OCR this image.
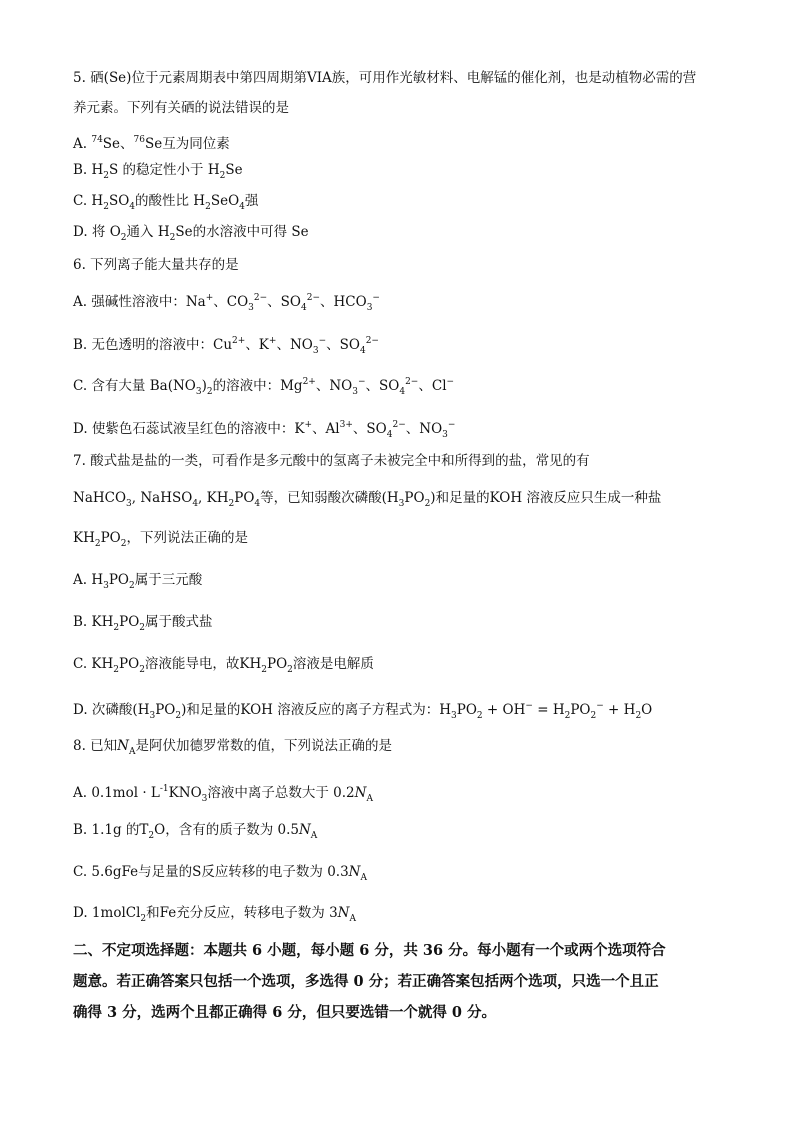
5. 硒(Se)位于元素周期表中第四周期第VIA族，可用作光敏材料、电解锰的催化剂，也是动植物必需的营
养元素。下列有关硒的说法错误的是
A. $^{74}$Se、$^{76}$Se互为同位素
B. $H_2S$ 的稳定性小于 $H_2Se$
C. $H_2SO_4$的酸性比 $H_2SeO_4$强
D. 将 $O_2$通入 $H_2Se$的水溶液中可得 Se
6. 下列离子能大量共存的是
A. 强碱性溶液中：Na+、$CO_3^{2-}$、$SO_4^{2-}$、$HCO_3^-$
B. 无色透明的溶液中：$Cu^{2+}$、K+、$NO_3^-$、$SO_4^{2-}$
C. 含有大量 $Ba(NO_3)_2$的溶液中：$Mg^{2+}$、$NO_3^-$、$SO_4^{2-}$、Cl−
D. 使紫色石蕊试液呈红色的溶液中：K+、$Al^{3+}$、$SO_4^{2-}$、$NO_3^-$
7. 酸式盐是盐的一类，可看作是多元酸中的氢离子未被完全中和所得到的盐，常见的有
NaHCO$_3$, NaHSO$_4$, $KH_2PO_4$等，已知弱酸次磷酸$(H_3PO_2)$和足量的KOH 溶液反应只生成一种盐
$KH_2PO_2$，下列说法正确的是
A. $H_3PO_2$属于三元酸
B. $KH_2PO_2$属于酸式盐
C. $KH_2PO_2$溶液能导电，故$KH_2PO_2$溶液是电解质
D. 次磷酸$(H_3PO_2)$和足量的KOH 溶液反应的离子方程式为：$H_3PO_2 + OH^- = H_2PO_2^- + H_2O$
8. 已知$N_A$是阿伏加德罗常数的值，下列说法正确的是
A. $0.1mol \cdot L^{-1}KNO_3$溶液中离子总数大于 $0.2N_A$
B. 1.1g 的$T_2O$，含有的质子数为 $0.5N_A$
C. 5.6gFe与足量的S反应转移的电子数为 $0.3N_A$
D. 1molCl$_2$和Fe充分反应，转移电子数为 $3N_A$
二、不定项选择题：本题共 6 小题，每小题 6 分，共 36 分。每小题有一个或两个选项符合
题意。若正确答案只包括一个选项，多选得 0 分；若正确答案包括两个选项，只选一个且正
确得 3 分，选两个且都正确得 6 分，但只要选错一个就得 0 分。
